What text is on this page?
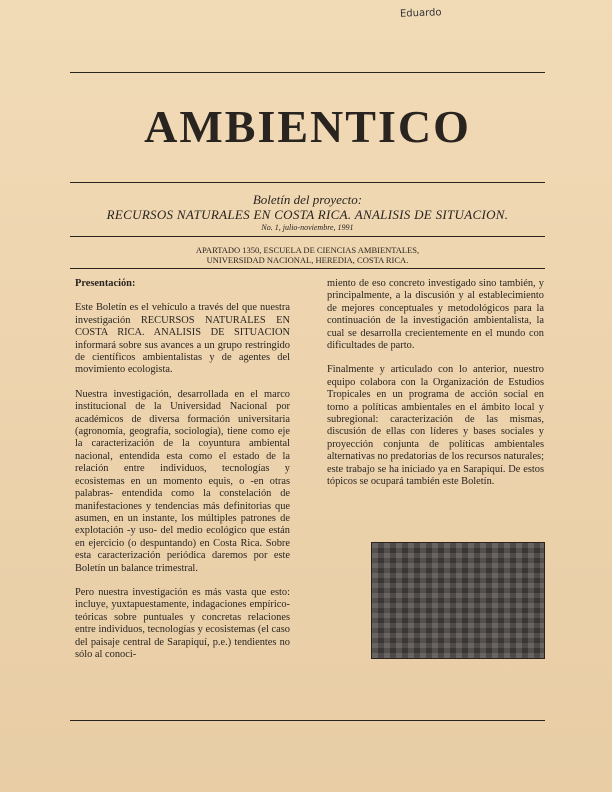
Eduardo
AMBIENTICO
Boletín del proyecto:
RECURSOS NATURALES EN COSTA RICA. ANALISIS DE SITUACION.
No. 1, julio-noviembre, 1991
APARTADO 1350, ESCUELA DE CIENCIAS AMBIENTALES,
UNIVERSIDAD NACIONAL, HEREDIA, COSTA RICA.

Presentación:

Este Boletín es el vehículo a través del que nuestra investigación RECURSOS NATURALES EN COSTA RICA. ANALISIS DE SITUACION informará sobre sus avances a un grupo restringido de científicos ambientalistas y de agentes del movimiento ecologista.

Nuestra investigación, desarrollada en el marco institucional de la Universidad Nacional por académicos de diversa formación universitaria (agronomía, geografía, sociología), tiene como eje la caracterización de la coyuntura ambiental nacional, entendida esta como el estado de la relación entre individuos, tecnologías y ecosistemas en un momento equis, o -en otras palabras- entendida como la constelación de manifestaciones y tendencias más definitorias que asumen, en un instante, los múltiples patrones de explotación -y uso- del medio ecológico que están en ejercicio (o despuntando) en Costa Rica. Sobre esta caracterización periódica daremos por este Boletín un balance trimestral.

Pero nuestra investigación es más vasta que esto: incluye, yuxtapuestamente, indagaciones empírico-teóricas sobre puntuales y concretas relaciones entre individuos, tecnologías y ecosistemas (el caso del paisaje central de Sarapiquí, p.e.) tendientes no sólo al conoci-

miento de eso concreto investigado sino también, y principalmente, a la discusión y al establecimiento de mejores conceptuales y metodológicos para la continuación de la investigación ambientalista, la cual se desarrolla crecientemente en el mundo con dificultades de parto.

Finalmente y articulado con lo anterior, nuestro equipo colabora con la Organización de Estudios Tropicales en un programa de acción social en torno a políticas ambientales en el ámbito local y subregional: caracterización de las mismas, discusión de ellas con líderes y bases sociales y proyección conjunta de políticas ambientales alternativas no predatorias de los recursos naturales; este trabajo se ha iniciado ya en Sarapiquí. De estos tópicos se ocupará también este Boletín.
